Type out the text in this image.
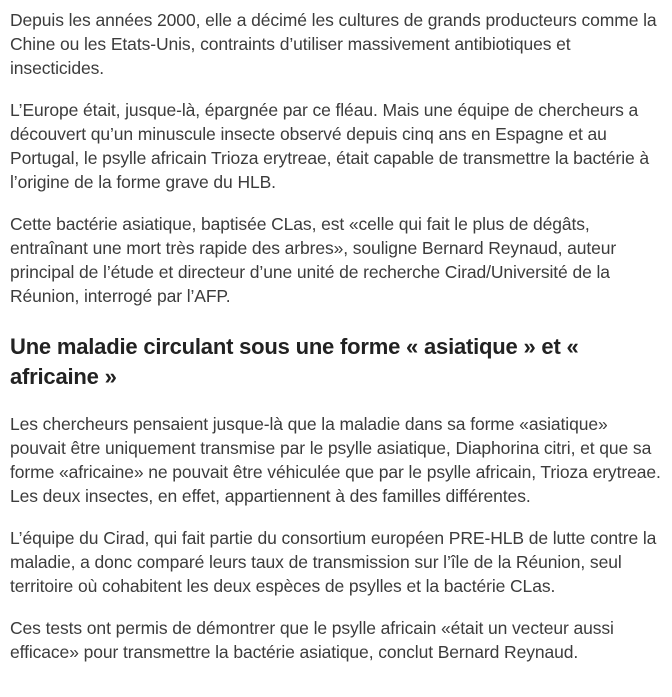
Depuis les années 2000, elle a décimé les cultures de grands producteurs comme la Chine ou les Etats-Unis, contraints d’utiliser massivement antibiotiques et insecticides.

L’Europe était, jusque-là, épargnée par ce fléau. Mais une équipe de chercheurs a découvert qu’un minuscule insecte observé depuis cinq ans en Espagne et au Portugal, le psylle africain Trioza erytreae, était capable de transmettre la bactérie à l’origine de la forme grave du HLB.

Cette bactérie asiatique, baptisée CLas, est «celle qui fait le plus de dégâts, entraînant une mort très rapide des arbres», souligne Bernard Reynaud, auteur principal de l’étude et directeur d’une unité de recherche Cirad/Université de la Réunion, interrogé par l’AFP.

Une maladie circulant sous une forme « asiatique » et « africaine »

Les chercheurs pensaient jusque-là que la maladie dans sa forme «asiatique» pouvait être uniquement transmise par le psylle asiatique, Diaphorina citri, et que sa forme «africaine» ne pouvait être véhiculée que par le psylle africain, Trioza erytreae. Les deux insectes, en effet, appartiennent à des familles différentes.

L’équipe du Cirad, qui fait partie du consortium européen PRE-HLB de lutte contre la maladie, a donc comparé leurs taux de transmission sur l’île de la Réunion, seul territoire où cohabitent les deux espèces de psylles et la bactérie CLas.

Ces tests ont permis de démontrer que le psylle africain «était un vecteur aussi efficace» pour transmettre la bactérie asiatique, conclut Bernard Reynaud.
